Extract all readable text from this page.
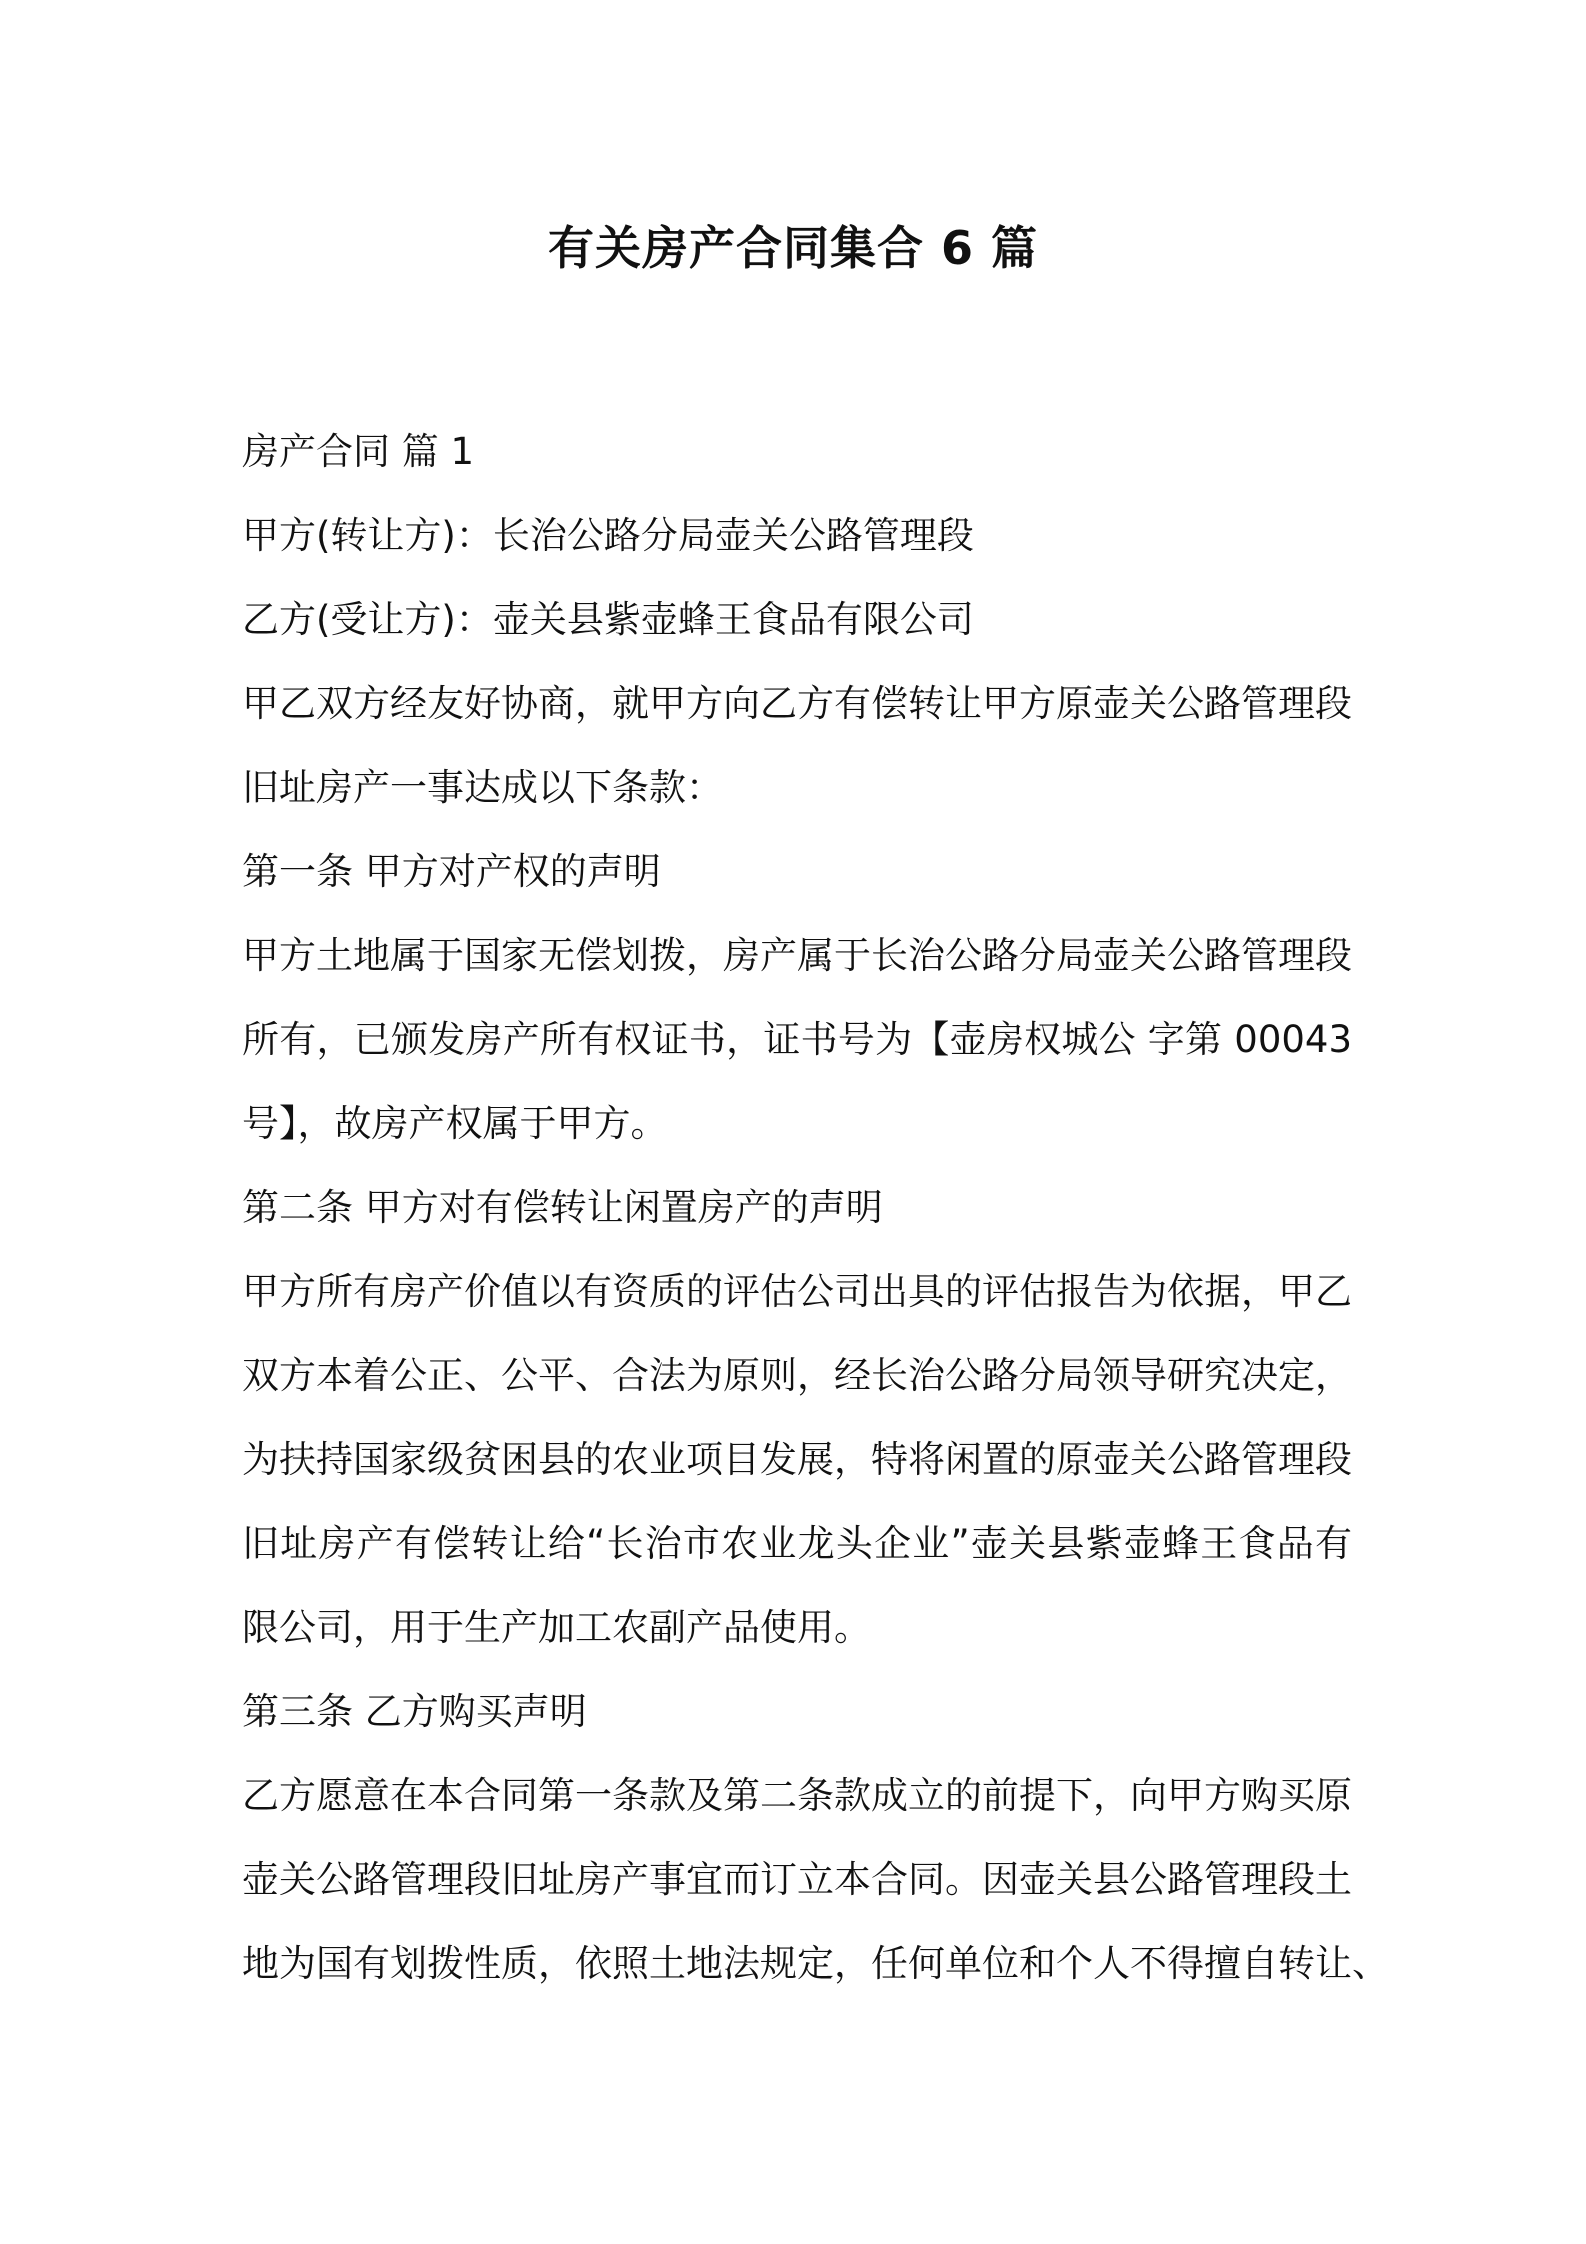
有关房产合同集合 6 篇
房产合同 篇 1
甲方(转让方)：长治公路分局壶关公路管理段
乙方(受让方)：壶关县紫壶蜂王食品有限公司
甲乙双方经友好协商，就甲方向乙方有偿转让甲方原壶关公路管理段
旧址房产一事达成以下条款：
第一条 甲方对产权的声明
甲方土地属于国家无偿划拨，房产属于长治公路分局壶关公路管理段
所有，已颁发房产所有权证书，证书号为【壶房权城公 字第 00043
号】，故房产权属于甲方。
第二条 甲方对有偿转让闲置房产的声明
甲方所有房产价值以有资质的评估公司出具的评估报告为依据，甲乙
双方本着公正、公平、合法为原则，经长治公路分局领导研究决定，
为扶持国家级贫困县的农业项目发展，特将闲置的原壶关公路管理段
旧址房产有偿转让给“长治市农业龙头企业”壶关县紫壶蜂王食品有
限公司，用于生产加工农副产品使用。
第三条 乙方购买声明
乙方愿意在本合同第一条款及第二条款成立的前提下，向甲方购买原
壶关公路管理段旧址房产事宜而订立本合同。因壶关县公路管理段土
地为国有划拨性质，依照土地法规定，任何单位和个人不得擅自转让、
